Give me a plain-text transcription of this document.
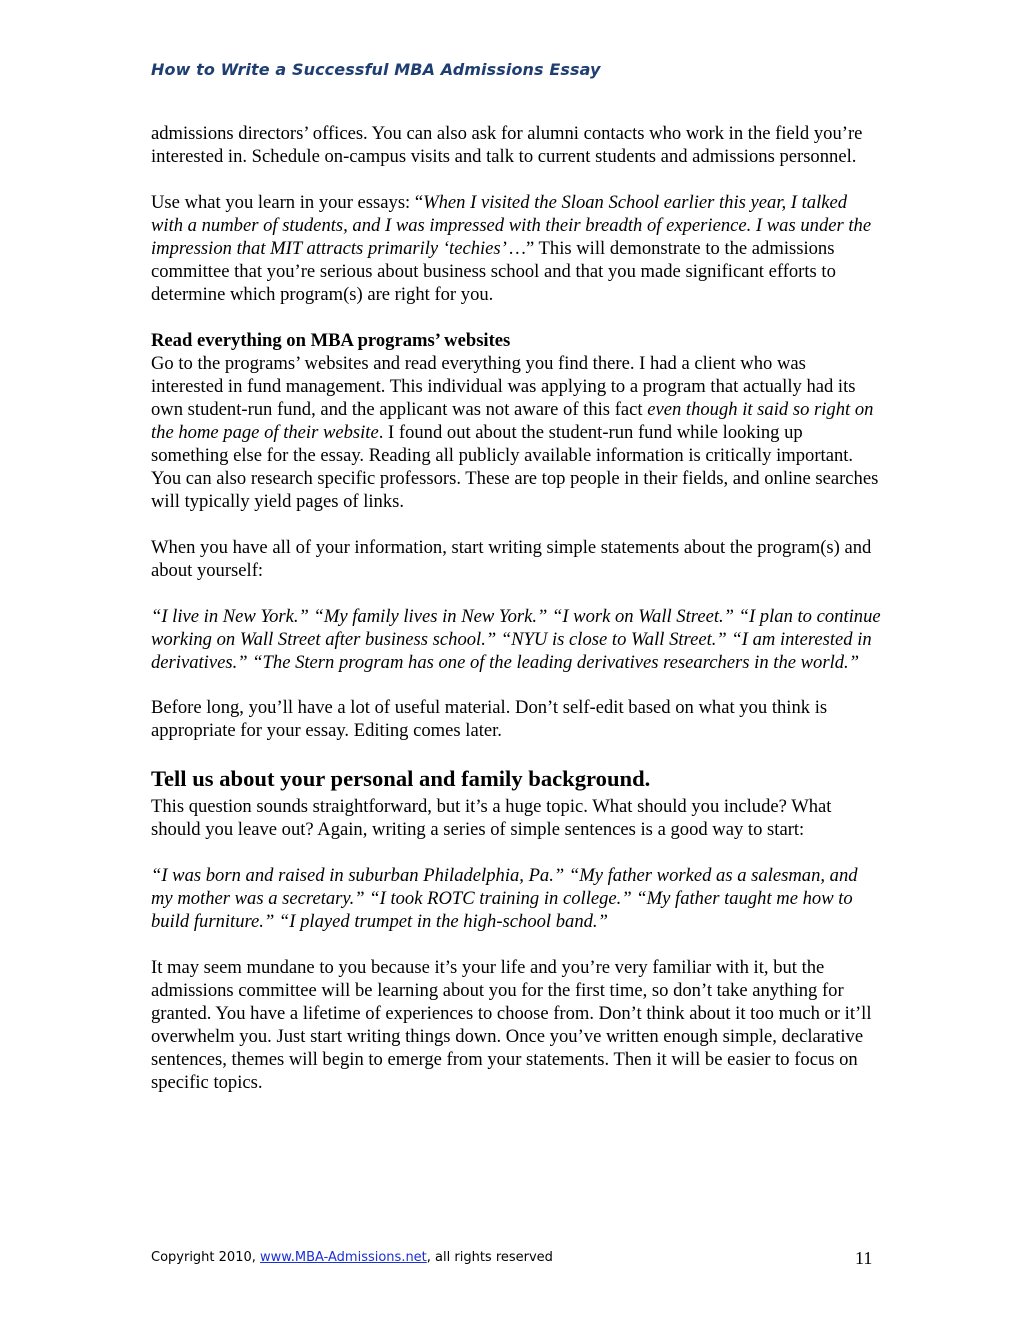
How to Write a Successful MBA Admissions Essay

admissions directors’ offices. You can also ask for alumni contacts who work in the field you’re interested in. Schedule on-campus visits and talk to current students and admissions personnel.

Use what you learn in your essays: “When I visited the Sloan School earlier this year, I talked with a number of students, and I was impressed with their breadth of experience. I was under the impression that MIT attracts primarily ‘techies’ …” This will demonstrate to the admissions committee that you’re serious about business school and that you made significant efforts to determine which program(s) are right for you.

Read everything on MBA programs’ websites
Go to the programs’ websites and read everything you find there. I had a client who was interested in fund management. This individual was applying to a program that actually had its own student-run fund, and the applicant was not aware of this fact even though it said so right on the home page of their website. I found out about the student-run fund while looking up something else for the essay. Reading all publicly available information is critically important. You can also research specific professors. These are top people in their fields, and online searches will typically yield pages of links.

When you have all of your information, start writing simple statements about the program(s) and about yourself:

“I live in New York.” “My family lives in New York.” “I work on Wall Street.” “I plan to continue working on Wall Street after business school.” “NYU is close to Wall Street.” “I am interested in derivatives.” “The Stern program has one of the leading derivatives researchers in the world.”

Before long, you’ll have a lot of useful material. Don’t self-edit based on what you think is appropriate for your essay. Editing comes later.

Tell us about your personal and family background.

This question sounds straightforward, but it’s a huge topic. What should you include? What should you leave out? Again, writing a series of simple sentences is a good way to start:

“I was born and raised in suburban Philadelphia, Pa.” “My father worked as a salesman, and my mother was a secretary.” “I took ROTC training in college.” “My father taught me how to build furniture.” “I played trumpet in the high-school band.”

It may seem mundane to you because it’s your life and you’re very familiar with it, but the admissions committee will be learning about you for the first time, so don’t take anything for granted. You have a lifetime of experiences to choose from. Don’t think about it too much or it’ll overwhelm you. Just start writing things down. Once you’ve written enough simple, declarative sentences, themes will begin to emerge from your statements. Then it will be easier to focus on specific topics.

Copyright 2010, www.MBA-Admissions.net, all rights reserved	11
